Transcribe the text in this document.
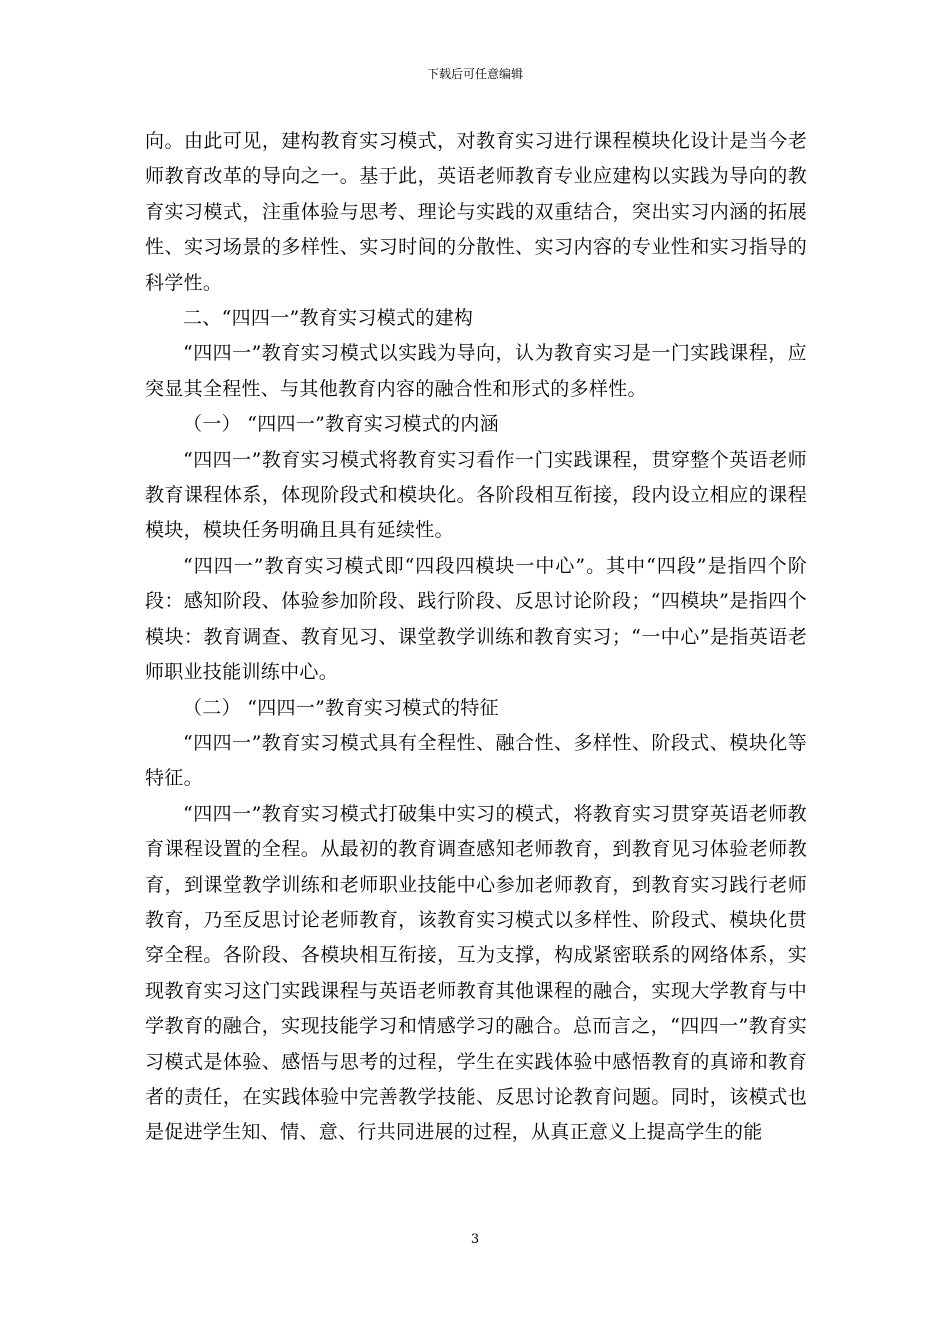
下载后可任意编辑

向。由此可见，建构教育实习模式，对教育实习进行课程模块化设计是当今老师教育改革的导向之一。基于此，英语老师教育专业应建构以实践为导向的教育实习模式，注重体验与思考、理论与实践的双重结合，突出实习内涵的拓展性、实习场景的多样性、实习时间的分散性、实习内容的专业性和实习指导的科学性。

二、“四四一”教育实习模式的建构

“四四一”教育实习模式以实践为导向，认为教育实习是一门实践课程，应突显其全程性、与其他教育内容的融合性和形式的多样性。

（一） “四四一”教育实习模式的内涵

“四四一”教育实习模式将教育实习看作一门实践课程，贯穿整个英语老师教育课程体系，体现阶段式和模块化。各阶段相互衔接，段内设立相应的课程模块，模块任务明确且具有延续性。

“四四一”教育实习模式即“四段四模块一中心”。其中“四段”是指四个阶段：感知阶段、体验参加阶段、践行阶段、反思讨论阶段；“四模块”是指四个模块：教育调查、教育见习、课堂教学训练和教育实习；“一中心”是指英语老师职业技能训练中心。

（二） “四四一”教育实习模式的特征

“四四一”教育实习模式具有全程性、融合性、多样性、阶段式、模块化等特征。

“四四一”教育实习模式打破集中实习的模式，将教育实习贯穿英语老师教育课程设置的全程。从最初的教育调查感知老师教育，到教育见习体验老师教育，到课堂教学训练和老师职业技能中心参加老师教育，到教育实习践行老师教育，乃至反思讨论老师教育，该教育实习模式以多样性、阶段式、模块化贯穿全程。各阶段、各模块相互衔接，互为支撑，构成紧密联系的网络体系，实现教育实习这门实践课程与英语老师教育其他课程的融合，实现大学教育与中学教育的融合，实现技能学习和情感学习的融合。总而言之，“四四一”教育实习模式是体验、感悟与思考的过程，学生在实践体验中感悟教育的真谛和教育者的责任，在实践体验中完善教学技能、反思讨论教育问题。同时，该模式也是促进学生知、情、意、行共同进展的过程，从真正意义上提高学生的能

3
